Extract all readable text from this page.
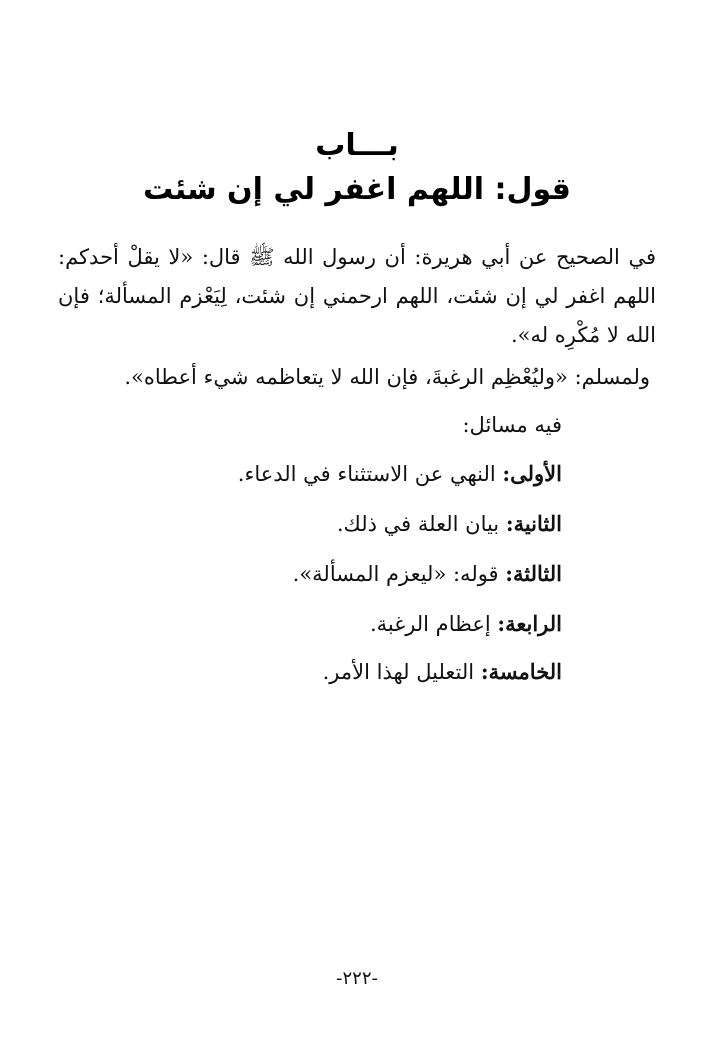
بـــاب
قول: اللهم اغفر لي إن شئت

في الصحيح عن أبي هريرة: أن رسول الله ﷺ قال: «لا يقلْ أحدكم: اللهم اغفر لي إن شئت، اللهم ارحمني إن شئت، لِيَعْزم المسألة؛ فإن الله لا مُكْرِه له».

ولمسلم: «وليُعْظِم الرغبةَ، فإن الله لا يتعاظمه شيء أعطاه».

فيه مسائل:
الأولى: النهي عن الاستثناء في الدعاء.
الثانية: بيان العلة في ذلك.
الثالثة: قوله: «ليعزم المسألة».
الرابعة: إعظام الرغبة.
الخامسة: التعليل لهذا الأمر.
-٢٢٢-
